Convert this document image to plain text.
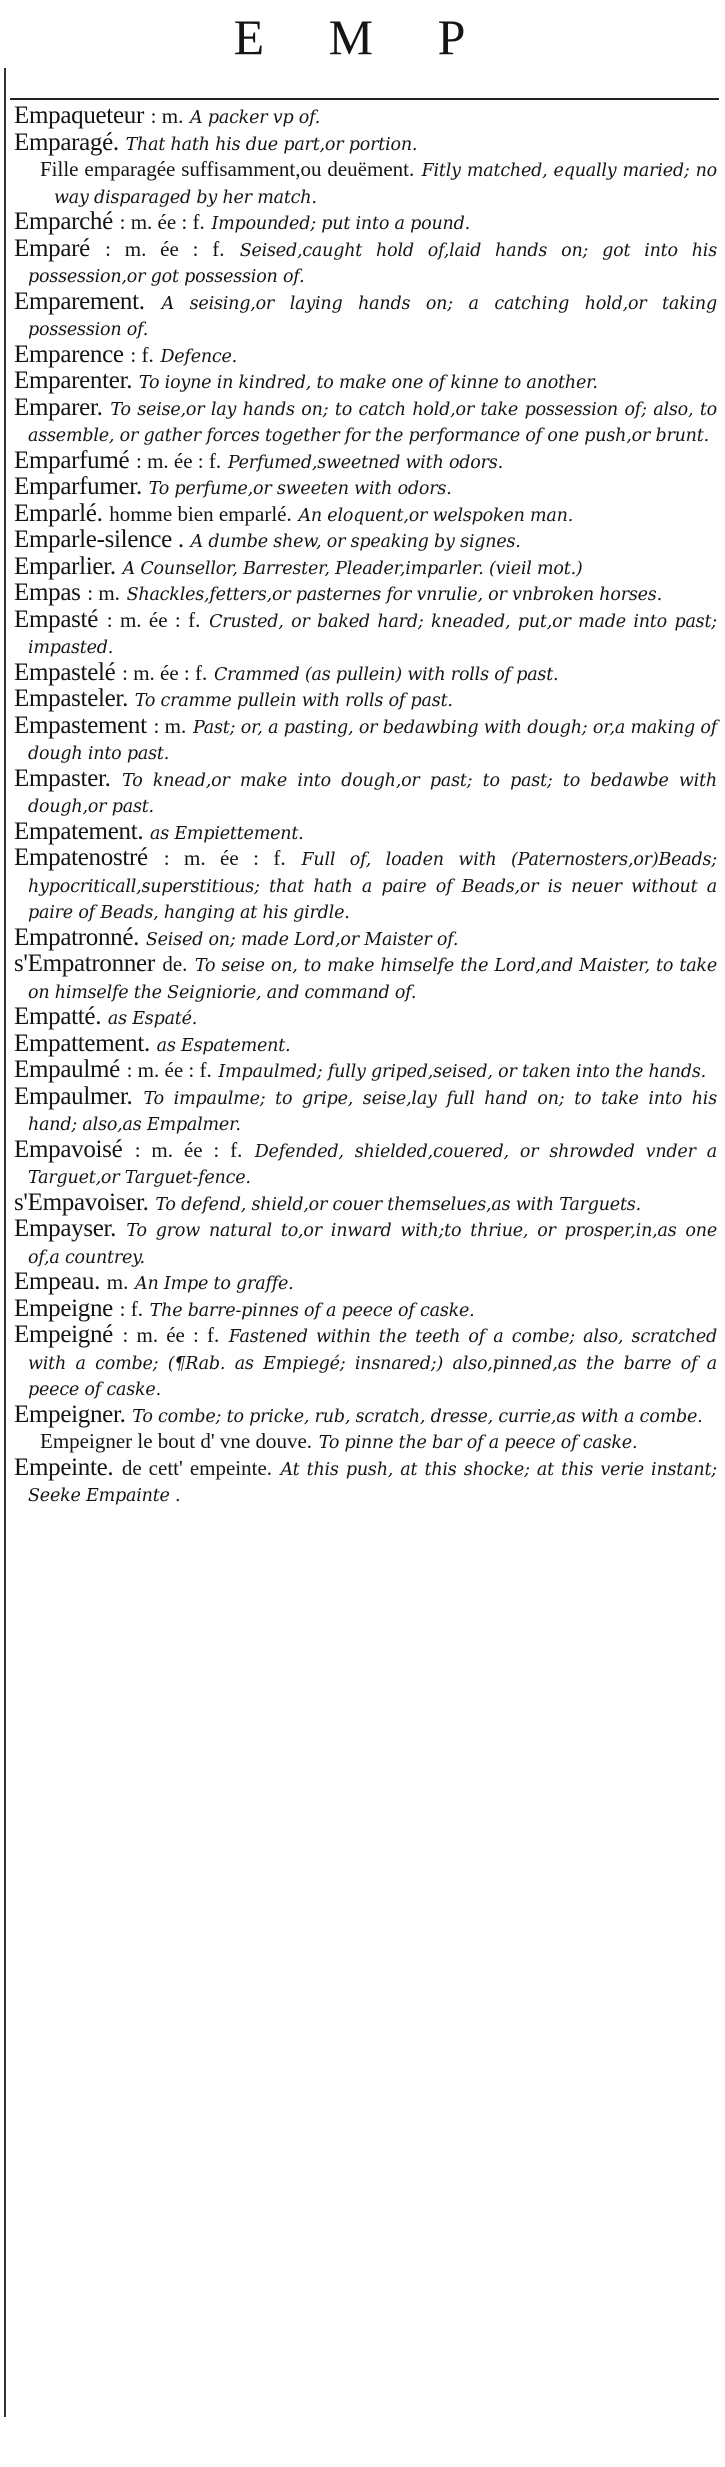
E M P

Empaqueteur : m. A packer vp of.

Emparagé. That hath his due part,or portion.

Fille emparagée suffisamment,ou deuëment. Fitly matched, equally maried; no way disparaged by her match.

Emparché : m. ée : f. Impounded; put into a pound.

Emparé : m. ée : f. Seised,caught hold of,laid hands on; got into his possession,or got possession of.

Emparement. A seising,or laying hands on; a catching hold,or taking possession of.

Emparence : f. Defence.

Emparenter. To ioyne in kindred, to make one of kinne to another.

Emparer. To seise,or lay hands on; to catch hold,or take possession of; also, to assemble, or gather forces together for the performance of one push,or brunt.

Emparfumé : m. ée : f. Perfumed,sweetned with odors.

Emparfumer. To perfume,or sweeten with odors.

Emparlé. homme bien emparlé. An eloquent,or welspoken man.

Emparle-silence . A dumbe shew, or speaking by signes.

Emparlier. A Counsellor, Barrester, Pleader,imparler. (vieil mot.)

Empas : m. Shackles,fetters,or pasternes for vnrulie, or vnbroken horses.

Empasté : m. ée : f. Crusted, or baked hard; kneaded, put,or made into past; impasted.

Empastelé : m. ée : f. Crammed (as pullein) with rolls of past.

Empasteler. To cramme pullein with rolls of past.

Empastement : m. Past; or, a pasting, or bedawbing with dough; or,a making of dough into past.

Empaster. To knead,or make into dough,or past; to past; to bedawbe with dough,or past.

Empatement. as Empiettement.

Empatenostré : m. ée : f. Full of, loaden with (Paternosters,or)Beads; hypocriticall,superstitious; that hath a paire of Beads,or is neuer without a paire of Beads, hanging at his girdle.

Empatronné. Seised on; made Lord,or Maister of.

s'Empatronner de. To seise on, to make himselfe the Lord,and Maister, to take on himselfe the Seigniorie, and command of.

Empatté. as Espaté.

Empattement. as Espatement.

Empaulmé : m. ée : f. Impaulmed; fully griped,seised, or taken into the hands.

Empaulmer. To impaulme; to gripe, seise,lay full hand on; to take into his hand; also,as Empalmer.

Empavoisé : m. ée : f. Defended, shielded,couered, or shrowded vnder a Targuet,or Targuet-fence.

s'Empavoiser. To defend, shield,or couer themselues,as with Targuets.

Empayser. To grow natural to,or inward with;to thriue, or prosper,in,as one of,a countrey.

Empeau. m. An Impe to graffe.

Empeigne : f. The barre-pinnes of a peece of caske.

Empeigné : m. ée : f. Fastened within the teeth of a combe; also, scratched with a combe; (¶Rab. as Empiegé; insnared;) also,pinned,as the barre of a peece of caske.

Empeigner. To combe; to pricke, rub, scratch, dresse, currie,as with a combe.

Empeigner le bout d' vne douve. To pinne the bar of a peece of caske.

Empeinte. de cett' empeinte. At this push, at this shocke; at this verie instant; Seeke Empainte .
